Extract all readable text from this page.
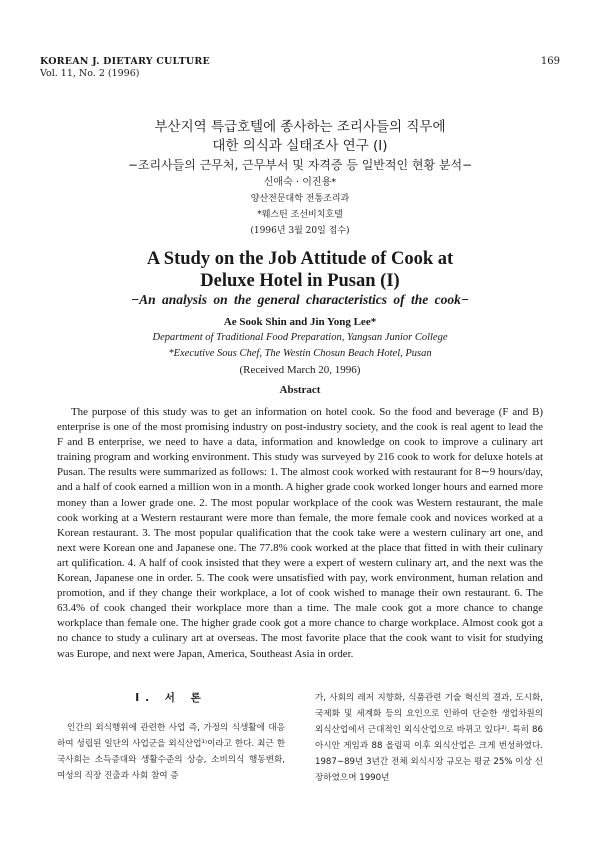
KOREAN J. DIETARY CULTURE
Vol. 11, No. 2 (1996)
169
부산지역 특급호텔에 종사하는 조리사들의 직무에
대한 의식과 실태조사 연구 (I)
−조리사들의 근무처, 근무부서 및 자격증 등 일반적인 현황 분석−
신애숙 · 이진용*
양산전문대학 전통조리과
*웨스틴 조선비치호텔
(1996년 3월 20일 접수)
A Study on the Job Attitude of Cook at
Deluxe Hotel in Pusan (I)
−An analysis on the general characteristics of the cook−
Ae Sook Shin and Jin Yong Lee*
Department of Traditional Food Preparation, Yangsan Junior College
*Executive Sous Chef, The Westin Chosun Beach Hotel, Pusan
(Received March 20, 1996)
Abstract
The purpose of this study was to get an information on hotel cook. So the food and beverage (F and B) enterprise is one of the most promising industry on post-industry society, and the cook is real agent to lead the F and B enterprise, we need to have a data, information and knowledge on cook to improve a culinary art training program and working environment. This study was surveyed by 216 cook to work for deluxe hotels at Pusan. The results were summarized as follows: 1. The almost cook worked with restaurant for 8∼9 hours/day, and a half of cook earned a million won in a month. A higher grade cook worked longer hours and earned more money than a lower grade one. 2. The most popular workplace of the cook was Western restaurant, the male cook working at a Western restaurant were more than female, the more female cook and novices worked at a Korean restaurant. 3. The most popular qualification that the cook take were a western culinary art one, and next were Korean one and Japanese one. The 77.8% cook worked at the place that fitted in with their culinary art qulification. 4. A half of cook insisted that they were a expert of western culinary art, and the next was the Korean, Japanese one in order. 5. The cook were unsatisfied with pay, work environment, human relation and promotion, and if they change their workplace, a lot of cook wished to manage their own restaurant. 6. The 63.4% of cook changed their workplace more than a time. The male cook got a more chance to change workplace than female one. The higher grade cook got a more chance to charge workplace. Almost cook got a no chance to study a culinary art at overseas. The most favorite place that the cook want to visit for studying was Europe, and next were Japan, America, Southeast Asia in order.
I. 서 론
인간의 외식행위에 관련한 사업 즉, 가정의 식생활에 대응하여 성립된 일단의 사업군을 외식산업¹⁾이라고 한다. 최근 한국사회는 소득증대와 생활수준의 상승, 소비의식 행동변화, 여성의 직장 진출과 사회 참여 증
가, 사회의 레저 지향화, 식품관련 기술 혁신의 결과, 도시화, 국제화 및 세계화 등의 요인으로 인하여 단순한 생업차원의 외식산업에서 근대적인 외식산업으로 바뀌고 있다²⁾. 특히 86 아시안 게임과 88 올림픽 이후 외식산업은 크게 번성하였다. 1987∼89년 3년간 전체 외식시장 규모는 평균 25% 이상 신장하였으며 1990년
